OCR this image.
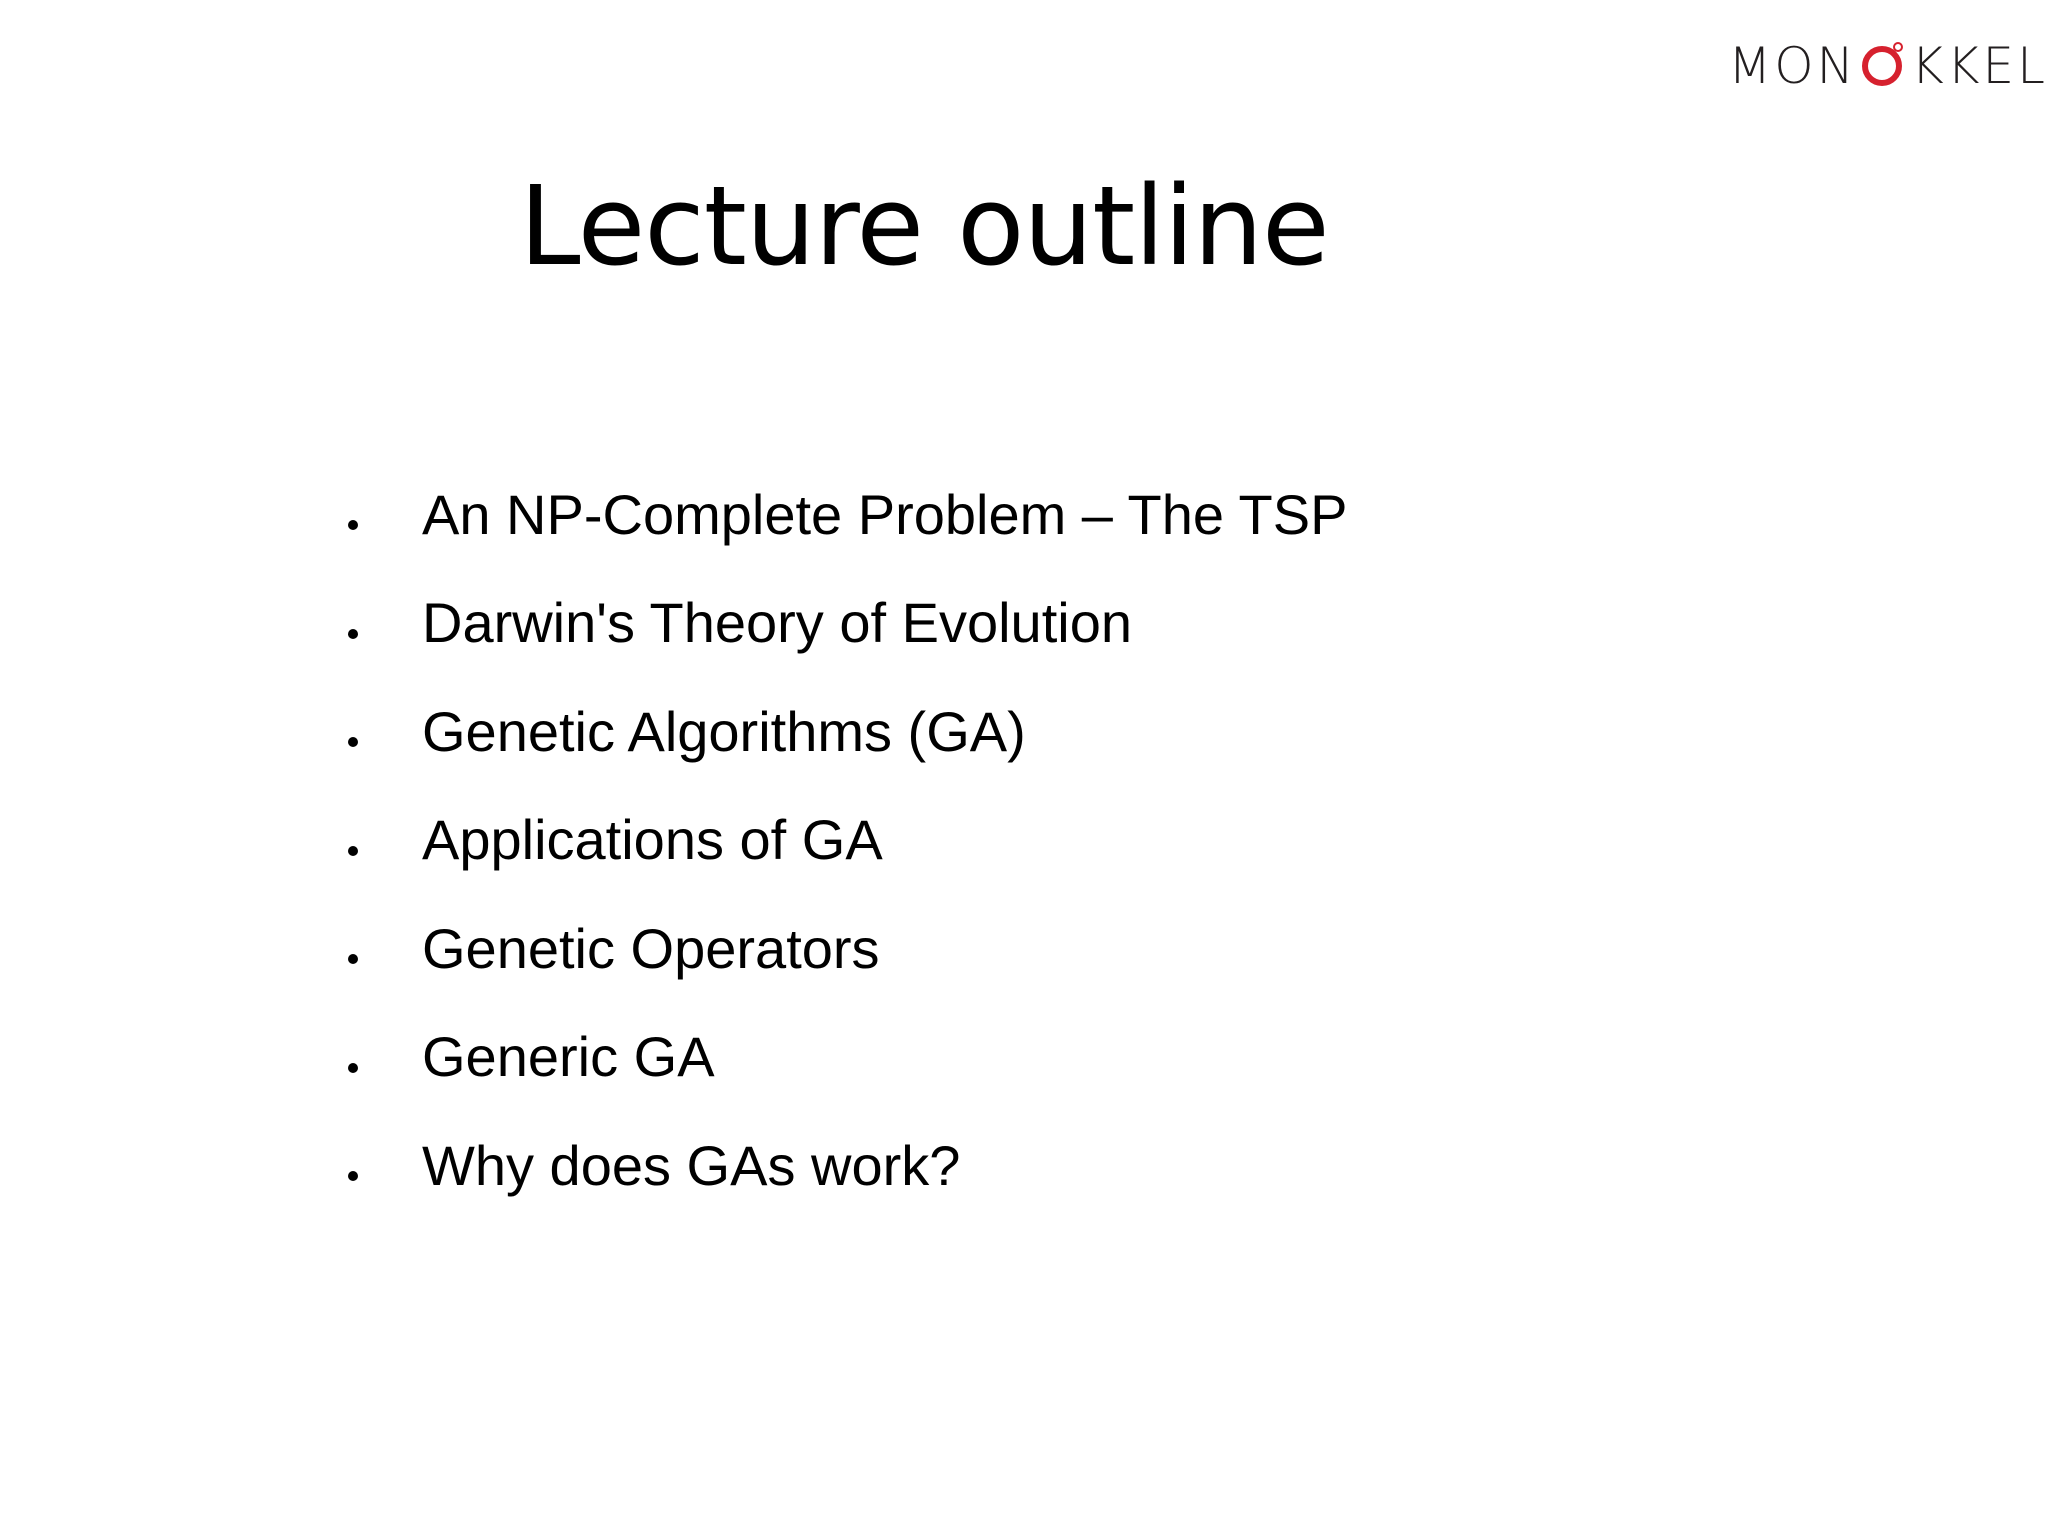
MON KKEL
Lecture outline
An NP-Complete Problem – The TSP
Darwin's Theory of Evolution
Genetic Algorithms (GA)
Applications of GA
Genetic Operators
Generic GA
Why does GAs work?
